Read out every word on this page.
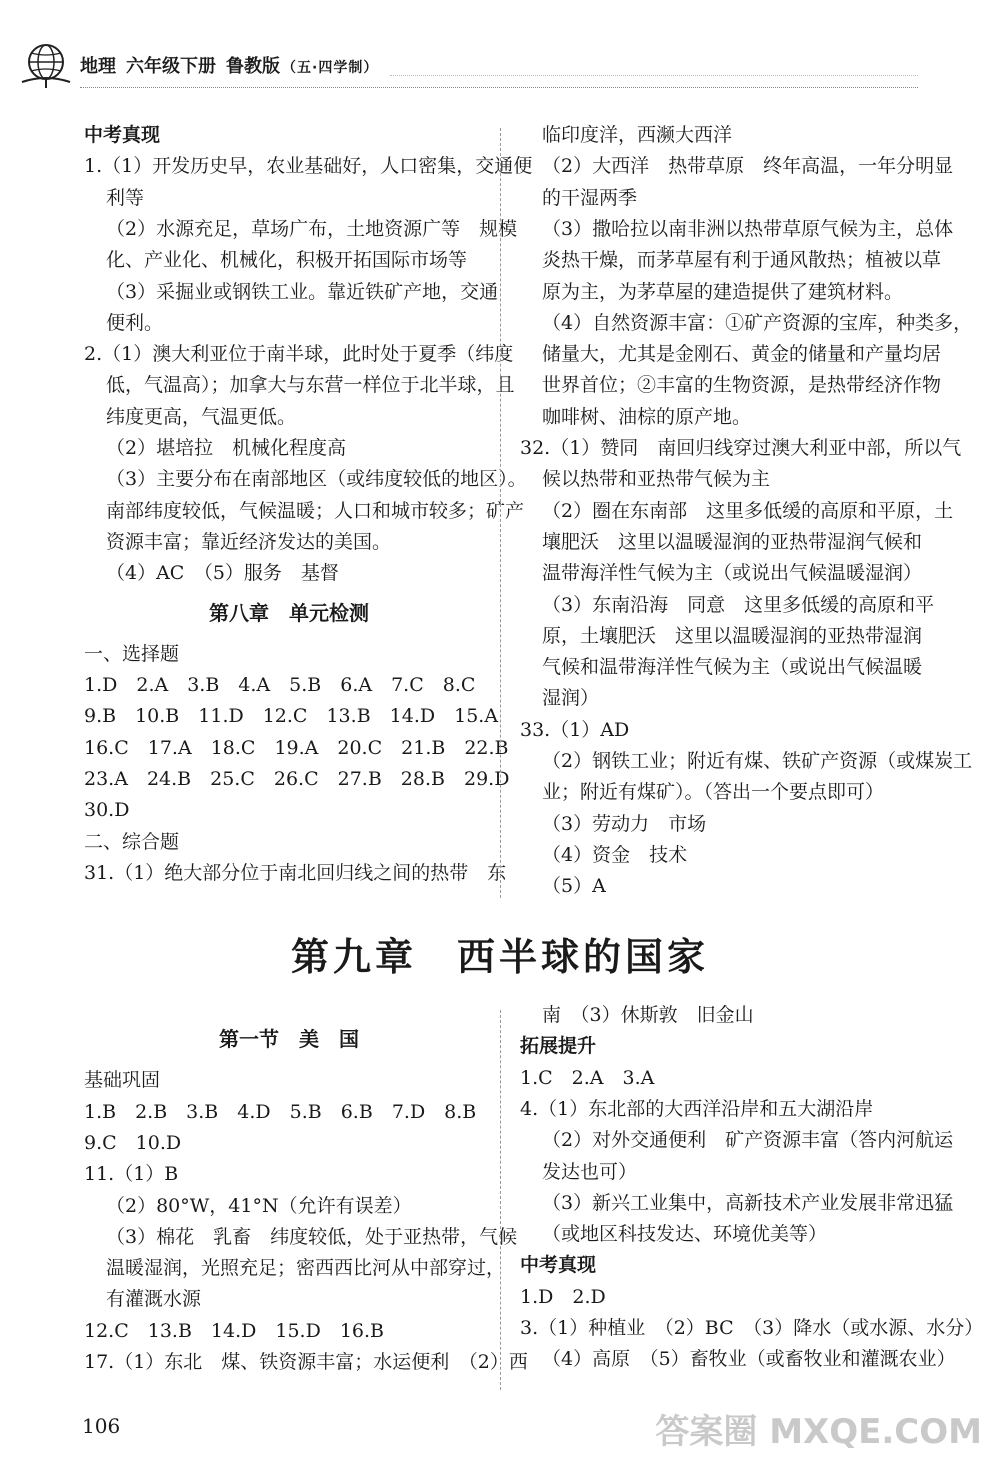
地理 六年级下册 鲁教版 （五·四学制）
中考真现
1.（1）开发历史早，农业基础好，人口密集，交通便
利等
（2）水源充足，草场广布，土地资源广等　规模
化、产业化、机械化，积极开拓国际市场等
（3）采掘业或钢铁工业。靠近铁矿产地，交通
便利。
2.（1）澳大利亚位于南半球，此时处于夏季（纬度
低，气温高）；加拿大与东营一样位于北半球，且
纬度更高，气温更低。
（2）堪培拉　机械化程度高
（3）主要分布在南部地区（或纬度较低的地区）。
南部纬度较低，气候温暖；人口和城市较多；矿产
资源丰富；靠近经济发达的美国。
（4）AC　（5）服务　基督
第八章　单元检测
一、选择题
1.D　2.A　3.B　4.A　5.B　6.A　7.C　8.C
9.B　10.B　11.D　12.C　13.B　14.D　15.A
16.C　17.A　18.C　19.A　20.C　21.B　22.B
23.A　24.B　25.C　26.C　27.B　28.B　29.D
30.D
二、综合题
31.（1）绝大部分位于南北回归线之间的热带　东
临印度洋，西濒大西洋
（2）大西洋　热带草原　终年高温，一年分明显
的干湿两季
（3）撒哈拉以南非洲以热带草原气候为主，总体
炎热干燥，而茅草屋有利于通风散热；植被以草
原为主，为茅草屋的建造提供了建筑材料。
（4）自然资源丰富：①矿产资源的宝库，种类多，
储量大，尤其是金刚石、黄金的储量和产量均居
世界首位；②丰富的生物资源，是热带经济作物
咖啡树、油棕的原产地。
32.（1）赞同　南回归线穿过澳大利亚中部，所以气
候以热带和亚热带气候为主
（2）圈在东南部　这里多低缓的高原和平原，土
壤肥沃　这里以温暖湿润的亚热带湿润气候和
温带海洋性气候为主（或说出气候温暖湿润）
（3）东南沿海　同意　这里多低缓的高原和平
原，土壤肥沃　这里以温暖湿润的亚热带湿润
气候和温带海洋性气候为主（或说出气候温暖
湿润）
33.（1）AD
（2）钢铁工业；附近有煤、铁矿产资源（或煤炭工
业；附近有煤矿）。（答出一个要点即可）
（3）劳动力　市场
（4）资金　技术
（5）A
第九章 西半球的国家
第一节　美　国
基础巩固
1.B　2.B　3.B　4.D　5.B　6.B　7.D　8.B
9.C　10.D
11.（1）B
（2）80°W，41°N（允许有误差）
（3）棉花　乳畜　纬度较低，处于亚热带，气候
温暖湿润，光照充足；密西西比河从中部穿过，
有灌溉水源
12.C　13.B　14.D　15.D　16.B
17.（1）东北　煤、铁资源丰富；水运便利　（2）西
南　（3）休斯敦　旧金山
拓展提升
1.C　2.A　3.A
4.（1）东北部的大西洋沿岸和五大湖沿岸
（2）对外交通便利　矿产资源丰富（答内河航运
发达也可）
（3）新兴工业集中，高新技术产业发展非常迅猛
（或地区科技发达、环境优美等）
中考真现
1.D　2.D
3.（1）种植业　（2）BC　（3）降水（或水源、水分）
（4）高原　（5）畜牧业（或畜牧业和灌溉农业）
106	答案圈 MXQE.COM
